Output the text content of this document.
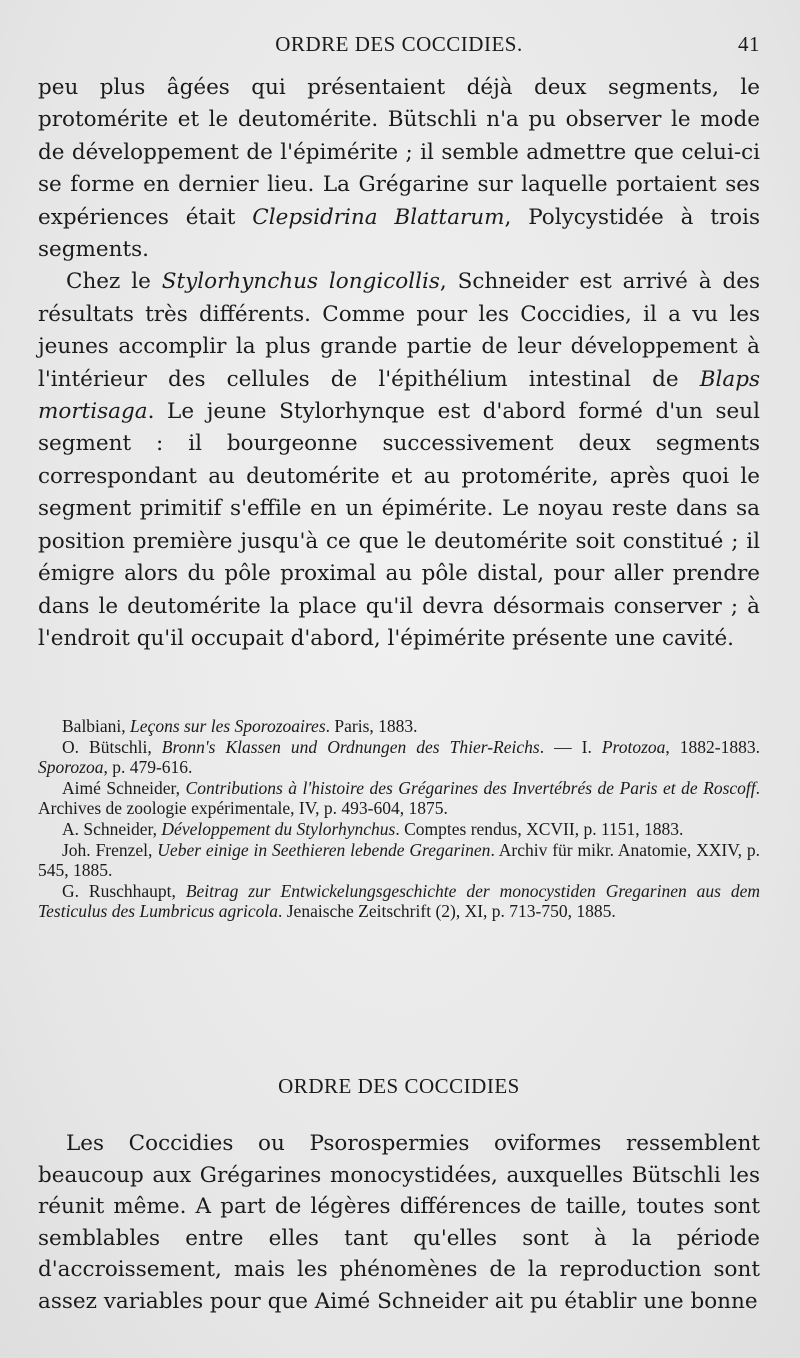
ORDRE DES COCCIDIES.	41

peu plus âgées qui présentaient déjà deux segments, le protomérite et le deutomérite. Bütschli n'a pu observer le mode de développement de l'épimérite ; il semble admettre que celui-ci se forme en dernier lieu. La Grégarine sur laquelle portaient ses expériences était Clepsidrina Blattarum, Polycystidée à trois segments.

Chez le Stylorhynchus longicollis, Schneider est arrivé à des résultats très différents. Comme pour les Coccidies, il a vu les jeunes accomplir la plus grande partie de leur développement à l'intérieur des cellules de l'épithélium intestinal de Blaps mortisaga. Le jeune Stylorhynque est d'abord formé d'un seul segment : il bourgeonne successivement deux segments correspondant au deutomérite et au protomérite, après quoi le segment primitif s'effile en un épimérite. Le noyau reste dans sa position première jusqu'à ce que le deutomérite soit constitué ; il émigre alors du pôle proximal au pôle distal, pour aller prendre dans le deutomérite la place qu'il devra désormais conserver ; à l'endroit qu'il occupait d'abord, l'épimérite présente une cavité.

Balbiani, Leçons sur les Sporozoaires. Paris, 1883.

O. Bütschli, Bronn's Klassen und Ordnungen des Thier-Reichs. — I. Protozoa, 1882-1883. Sporozoa, p. 479-616.

Aimé Schneider, Contributions à l'histoire des Grégarines des Invertébrés de Paris et de Roscoff. Archives de zoologie expérimentale, IV, p. 493-604, 1875.

A. Schneider, Développement du Stylorhynchus. Comptes rendus, XCVII, p. 1151, 1883.

Joh. Frenzel, Ueber einige in Seethieren lebende Gregarinen. Archiv für mikr. Anatomie, XXIV, p. 545, 1885.

G. Ruschhaupt, Beitrag zur Entwickelungsgeschichte der monocystiden Gregarinen aus dem Testiculus des Lumbricus agricola. Jenaische Zeitschrift (2), XI, p. 713-750, 1885.

ORDRE DES COCCIDIES

Les Coccidies ou Psorospermies oviformes ressemblent beaucoup aux Grégarines monocystidées, auxquelles Bütschli les réunit même. A part de légères différences de taille, toutes sont semblables entre elles tant qu'elles sont à la période d'accroissement, mais les phénomènes de la reproduction sont assez variables pour que Aimé Schneider ait pu établir une bonne
